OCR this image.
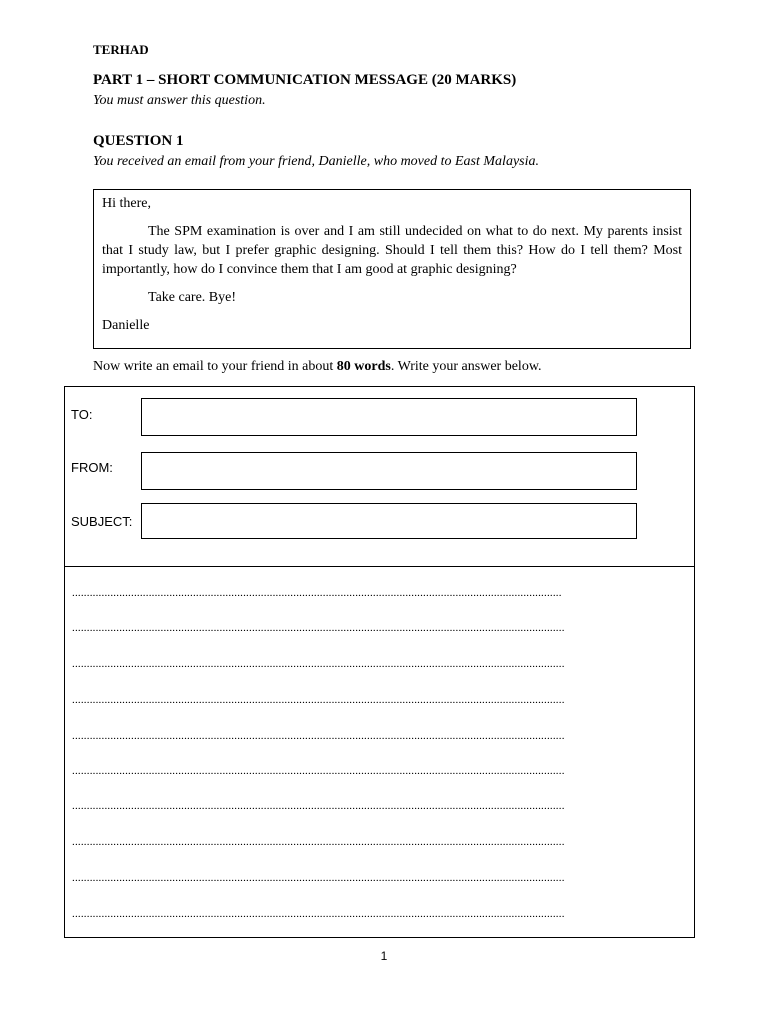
TERHAD
PART 1 – SHORT COMMUNICATION MESSAGE (20 MARKS)
You must answer this question.
QUESTION 1
You received an email from your friend, Danielle, who moved to East Malaysia.

Hi there,

The SPM examination is over and I am still undecided on what to do next. My parents insist that I study law, but I prefer graphic designing. Should I tell them this? How do I tell them? Most importantly, how do I convince them that I am good at graphic designing?

Take care. Bye!

Danielle

Now write an email to your friend in about 80 words. Write your answer below.
TO:
FROM:
SUBJECT:
......................................................................................................................................................................
.......................................................................................................................................................................
.......................................................................................................................................................................
.......................................................................................................................................................................
.......................................................................................................................................................................
.......................................................................................................................................................................
.......................................................................................................................................................................
.......................................................................................................................................................................
.......................................................................................................................................................................
.......................................................................................................................................................................
1
